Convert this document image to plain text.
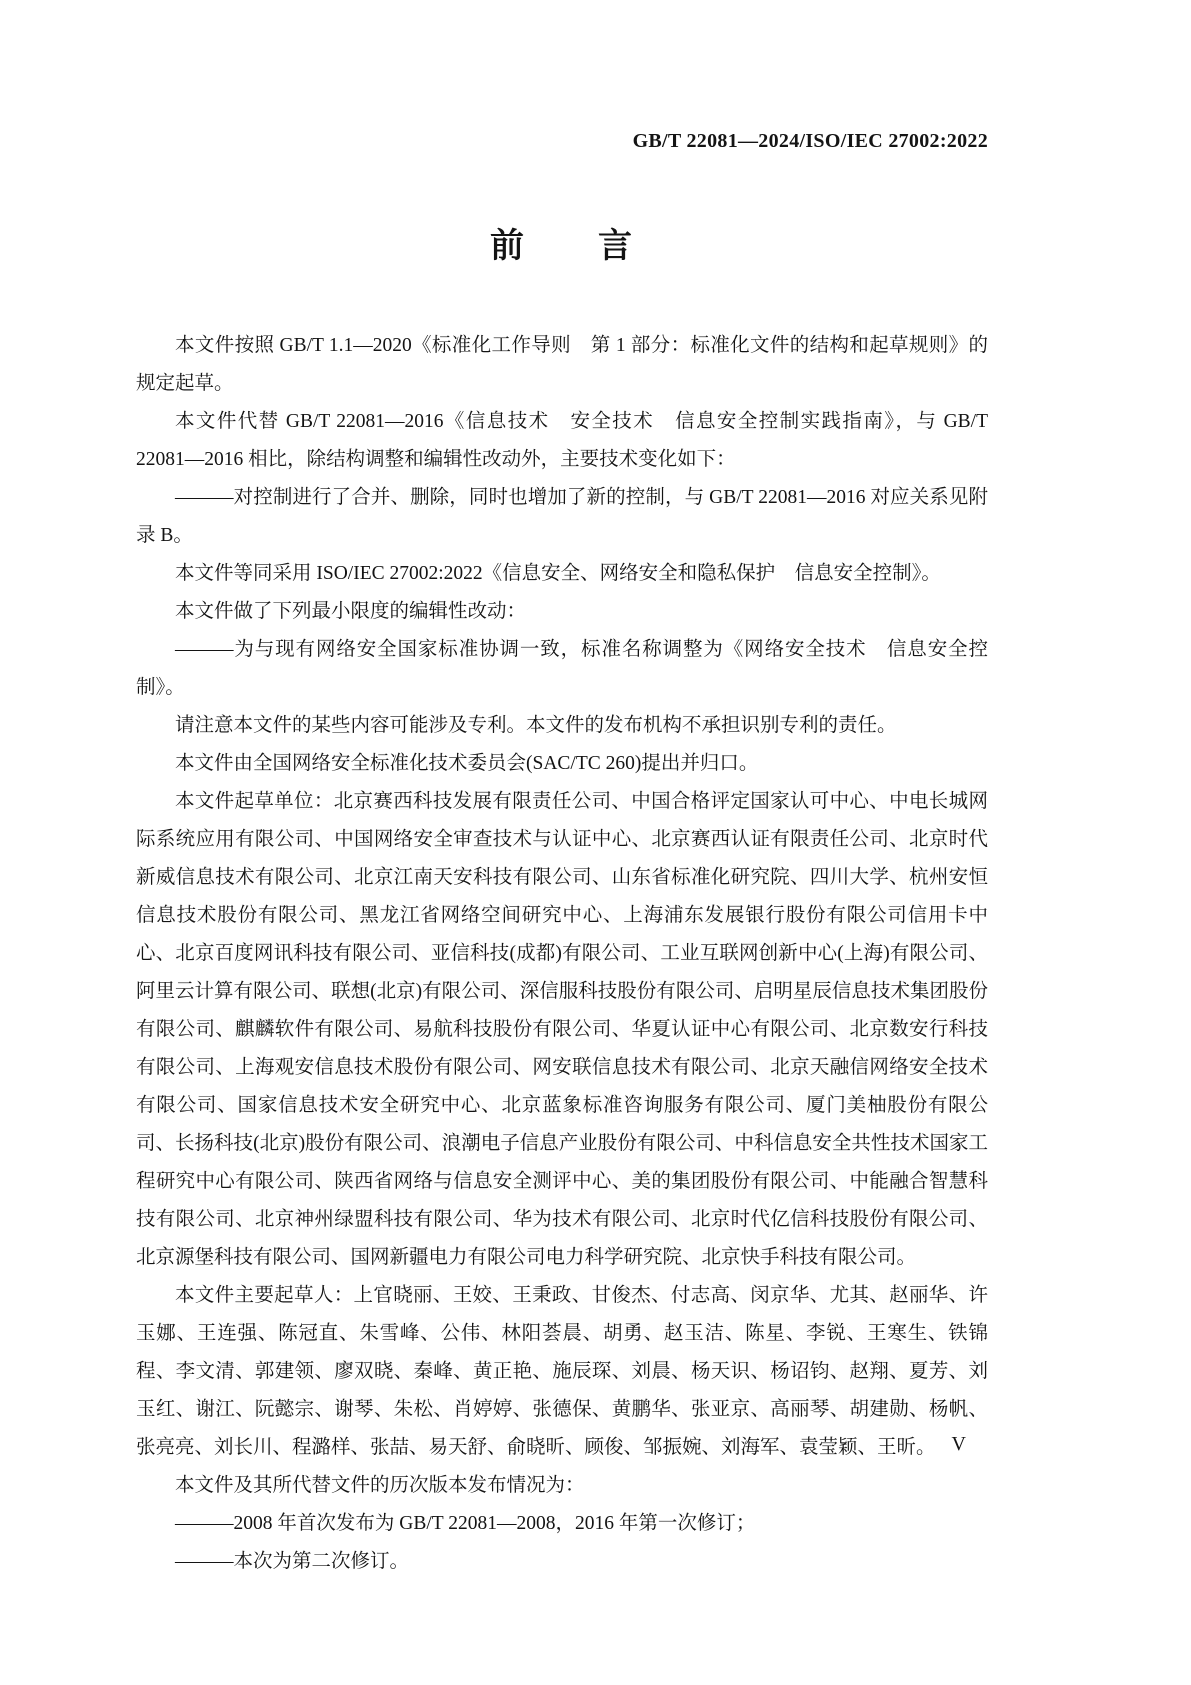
GB/T 22081—2024/ISO/IEC 27002:2022
前　　言

本文件按照 GB/T 1.1—2020《标准化工作导则　第 1 部分：标准化文件的结构和起草规则》的规定起草。

本文件代替 GB/T 22081—2016《信息技术　安全技术　信息安全控制实践指南》，与 GB/T 22081—2016 相比，除结构调整和编辑性改动外，主要技术变化如下：

———对控制进行了合并、删除，同时也增加了新的控制，与 GB/T 22081—2016 对应关系见附录 B。

本文件等同采用 ISO/IEC 27002:2022《信息安全、网络安全和隐私保护　信息安全控制》。

本文件做了下列最小限度的编辑性改动：

———为与现有网络安全国家标准协调一致，标准名称调整为《网络安全技术　信息安全控制》。

请注意本文件的某些内容可能涉及专利。本文件的发布机构不承担识别专利的责任。

本文件由全国网络安全标准化技术委员会(SAC/TC 260)提出并归口。

本文件起草单位：北京赛西科技发展有限责任公司、中国合格评定国家认可中心、中电长城网际系统应用有限公司、中国网络安全审查技术与认证中心、北京赛西认证有限责任公司、北京时代新威信息技术有限公司、北京江南天安科技有限公司、山东省标准化研究院、四川大学、杭州安恒信息技术股份有限公司、黑龙江省网络空间研究中心、上海浦东发展银行股份有限公司信用卡中心、北京百度网讯科技有限公司、亚信科技(成都)有限公司、工业互联网创新中心(上海)有限公司、阿里云计算有限公司、联想(北京)有限公司、深信服科技股份有限公司、启明星辰信息技术集团股份有限公司、麒麟软件有限公司、易航科技股份有限公司、华夏认证中心有限公司、北京数安行科技有限公司、上海观安信息技术股份有限公司、网安联信息技术有限公司、北京天融信网络安全技术有限公司、国家信息技术安全研究中心、北京蓝象标准咨询服务有限公司、厦门美柚股份有限公司、长扬科技(北京)股份有限公司、浪潮电子信息产业股份有限公司、中科信息安全共性技术国家工程研究中心有限公司、陕西省网络与信息安全测评中心、美的集团股份有限公司、中能融合智慧科技有限公司、北京神州绿盟科技有限公司、华为技术有限公司、北京时代亿信科技股份有限公司、北京源堡科技有限公司、国网新疆电力有限公司电力科学研究院、北京快手科技有限公司。

本文件主要起草人：上官晓丽、王姣、王秉政、甘俊杰、付志高、闵京华、尤其、赵丽华、许玉娜、王连强、陈冠直、朱雪峰、公伟、林阳荟晨、胡勇、赵玉洁、陈星、李锐、王寒生、铁锦程、李文清、郭建领、廖双晓、秦峰、黄正艳、施辰琛、刘晨、杨天识、杨诏钧、赵翔、夏芳、刘玉红、谢江、阮懿宗、谢琴、朱松、肖婷婷、张德保、黄鹏华、张亚京、高丽琴、胡建勋、杨帆、张亮亮、刘长川、程潞样、张喆、易天舒、俞晓昕、顾俊、邹振婉、刘海军、袁莹颖、王昕。

本文件及其所代替文件的历次版本发布情况为：

———2008 年首次发布为 GB/T 22081—2008，2016 年第一次修订；

———本次为第二次修订。

V
